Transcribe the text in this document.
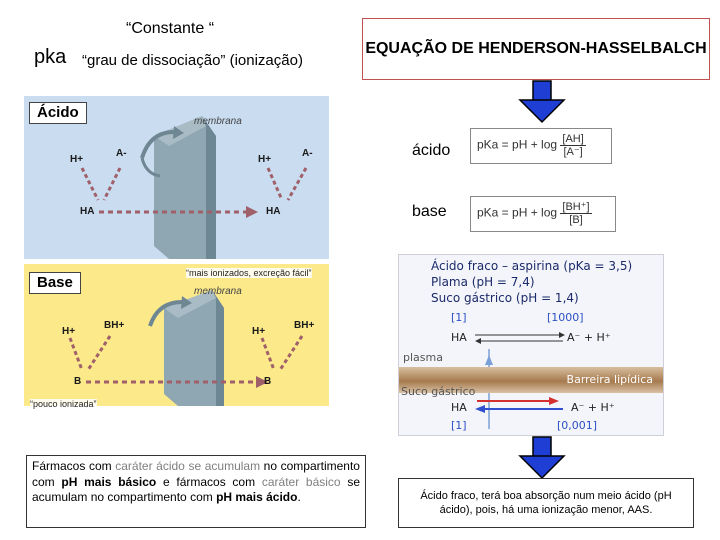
“Constante “
pka “grau de dissociação” (ionização)
EQUAÇÃO DE HENDERSON-HASSELBALCH
Ácido
membrana
H+
A-
HA
H+
A-
HA
Base
membrana
H+
BH+
B
H+
BH+
B
“mais ionizados, excreção fácil”
“pouco ionizada”
ácido	pKa = pH + $\log \frac{[AH]}{[A^-]}$
base	pKa = pH + $\log \frac{[BH^+]}{[B]}$
Ácido fraco – aspirina (pKa = 3,5)
Plama (pH = 7,4)
Suco gástrico (pH = 1,4)
[1]	[1000]
HA	A⁻ + H⁺
plasma
Barreira lipídica
Suco gástrico
HA	A⁻ + H⁺
[1]	[0,001]
Fármacos com caráter ácido se acumulam no compartimento com pH mais básico e fármacos com caráter básico se acumulam no compartimento com pH mais ácido.	Ácido fraco, terá boa absorção num meio ácido (pH ácido), pois, há uma ionização menor, AAS.
